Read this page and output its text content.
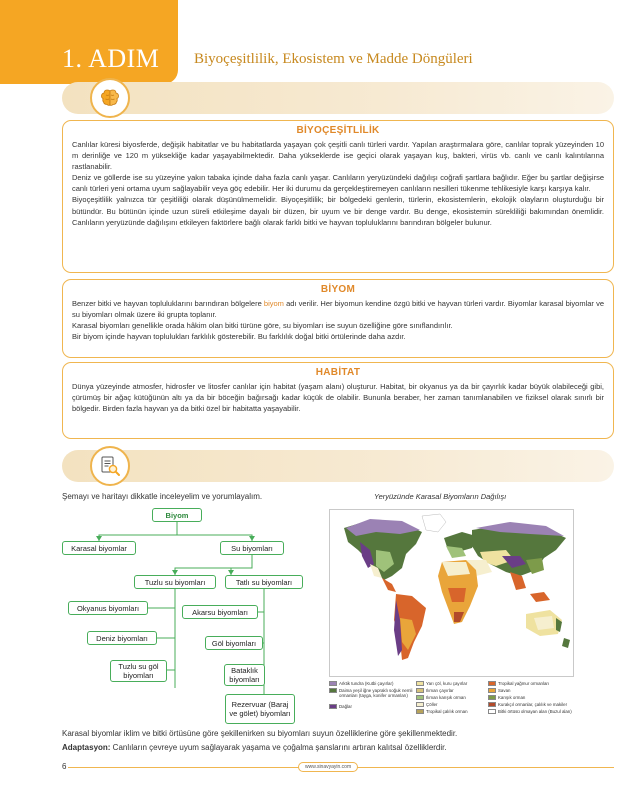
1. ADIM Biyoçeşitlilik, Ekosistem ve Madde Döngüleri
BİYOÇEŞİTLİLİK

Canlılar küresi biyosferde, değişik habitatlar ve bu habitatlarda yaşayan çok çeşitli canlı türleri vardır. Yapılan araştırmalara göre, canlılar toprak yüzeyinden 10 m derinliğe ve 120 m yüksekliğe kadar yaşayabilmektedir. Daha yükseklerde ise geçici olarak yaşayan kuş, bakteri, virüs vb. canlı ve canlı kalıntılarına rastlanabilir.

Deniz ve göllerde ise su yüzeyine yakın tabaka içinde daha fazla canlı yaşar. Canlıların yeryüzündeki dağılışı coğrafi şartlara bağlıdır. Eğer bu şartlar değişirse canlı türleri yeni ortama uyum sağlayabilir veya göç edebilir. Her iki durumu da gerçekleştiremeyen canlıların nesilleri tükenme tehlikesiyle karşı karşıya kalır.

Biyoçeşitlilik yalnızca tür çeşitliliği olarak düşünülmemelidir. Biyoçeşitlilik; bir bölgedeki genlerin, türlerin, ekosistemlerin, ekolojik olayların oluşturduğu bir bütündür. Bu bütünün içinde uzun süreli etkileşime dayalı bir düzen, bir uyum ve bir denge vardır. Bu denge, ekosistemin sürekliliği bakımından önemlidir. Canlıların yeryüzünde dağılışını etkileyen faktörlere bağlı olarak farklı bitki ve hayvan topluluklarını barındıran bölgeler bulunur.

BİYOM

Benzer bitki ve hayvan topluluklarını barındıran bölgelere biyom adı verilir. Her biyomun kendine özgü bitki ve hayvan türleri vardır. Biyomlar karasal biyomlar ve su biyomları olmak üzere iki grupta toplanır.

Karasal biyomları genellikle orada hâkim olan bitki türüne göre, su biyomları ise suyun özelliğine göre sınıflandırılır.

Bir biyom içinde hayvan toplulukları farklılık gösterebilir. Bu farklılık doğal bitki örtülerinde daha azdır.

HABİTAT

Dünya yüzeyinde atmosfer, hidrosfer ve litosfer canlılar için habitat (yaşam alanı) oluşturur. Habitat, bir okyanus ya da bir çayırlık kadar büyük olabileceği gibi, çürümüş bir ağaç kütüğünün altı ya da bir böceğin bağırsağı kadar küçük de olabilir. Bununla beraber, her zaman tanımlanabilen ve fiziksel olarak sınırlı bir bölgedir. Birden fazla hayvan ya da bitki özel bir habitatta yaşayabilir.

Şemayı ve haritayı dikkatle inceleyelim ve yorumlayalım.	Yeryüzünde Karasal Biyomların Dağılışı
Biyom
Karasal biyomlar	Su biyomları
Tuzlu su biyomları	Tatlı su biyomları
Okyanus biyomları
Deniz biyomları
Tuzlu su göl biyomları
Akarsu biyomları
Göl biyomları
Bataklık biyomları
Rezervuar (Baraj ve gölet) biyomları
Arktik tundra (Kutbi çayırlar)
Daima yeşil iğne yapraklı soğuk nemli ormanları (tayga, konifer ormanları)
Dağlar
Yarı çöl, kuru çayırlar
Ilıman çayırlar
Ilıman karışık orman
Çöller
Tropikal çalılık orman
Tropikal yağmur ormanları
Savan
Karışık orman
Kurakçıl ormanlar, çalılık ve makiler
Bitki örtüsü olmayan alan (Buzul alan)
Karasal biyomlar iklim ve bitki örtüsüne göre şekillenirken su biyomları suyun özelliklerine göre şekillenmektedir.
Adaptasyon: Canlıların çevreye uyum sağlayarak yaşama ve çoğalma şanslarını artıran kalıtsal özelliklerdir.
6	www.sinavyayin.com
